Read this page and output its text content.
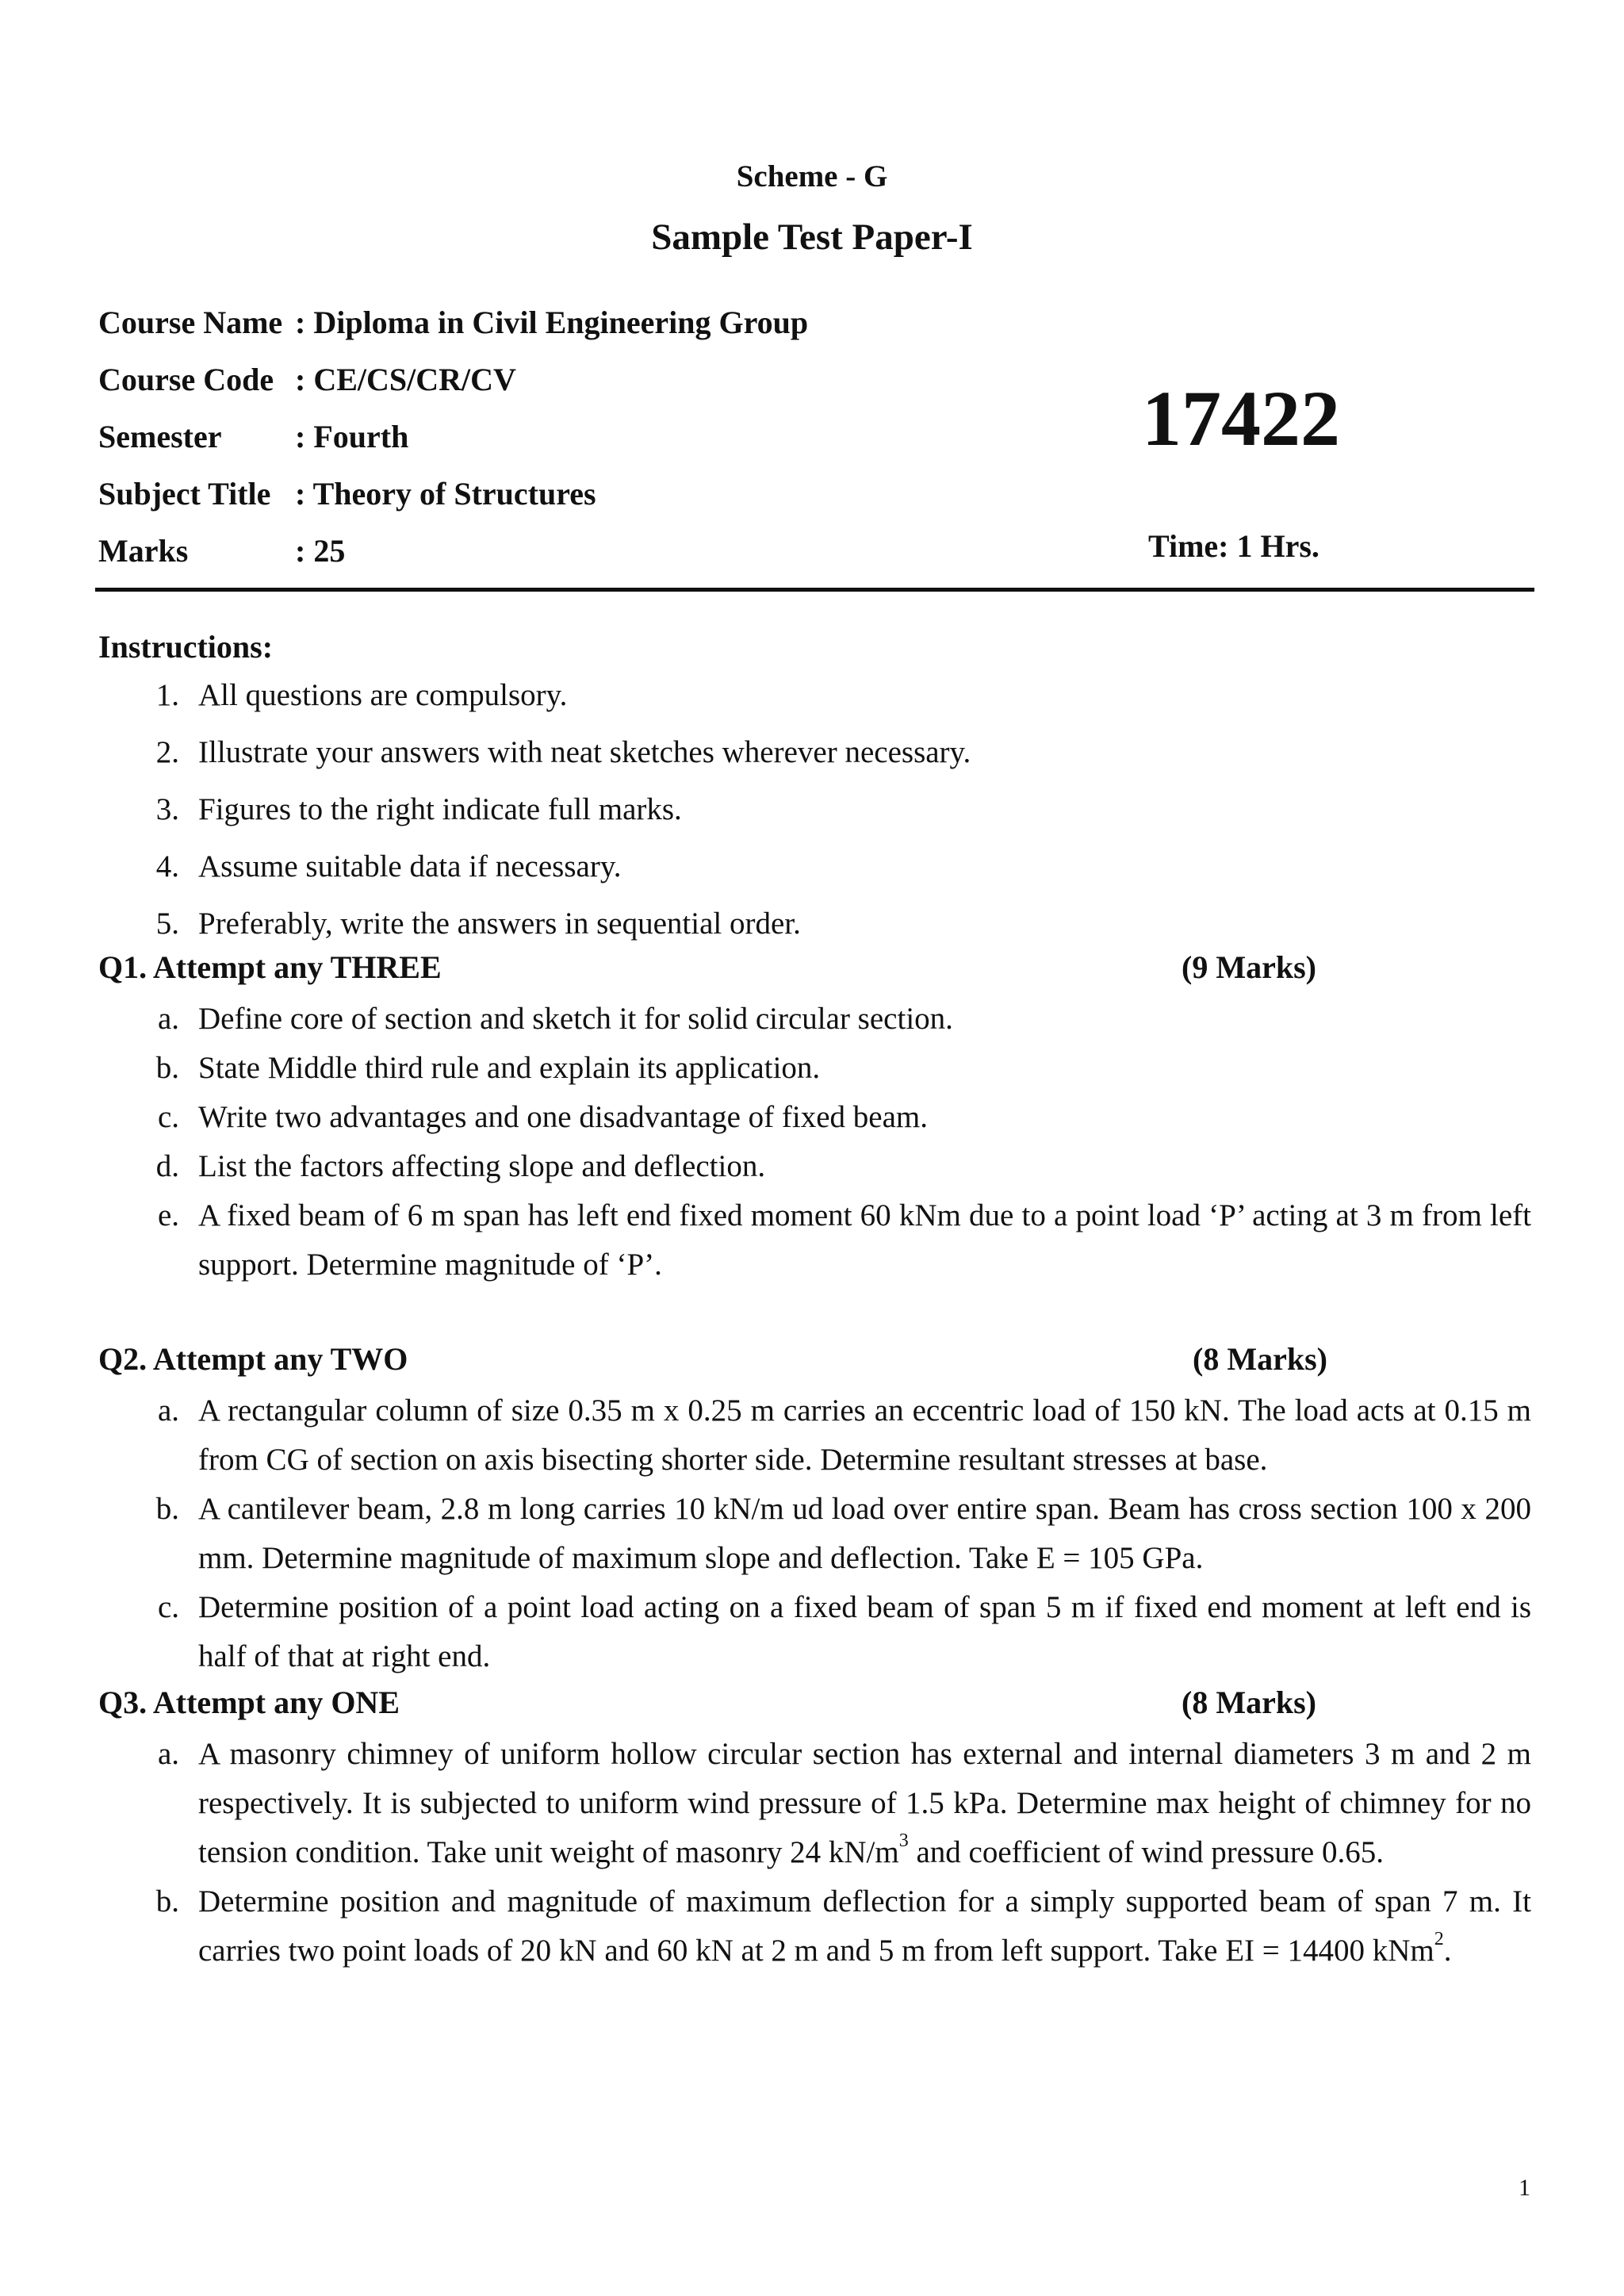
Scheme - G
Sample Test Paper-I
Course Name : Diploma in Civil Engineering Group
Course Code : CE/CS/CR/CV
Semester	: Fourth
Subject Title : Theory of Structures
Marks	: 25
17422
Time: 1 Hrs.
Instructions:
1. All questions are compulsory.
2. Illustrate your answers with neat sketches wherever necessary.
3. Figures to the right indicate full marks.
4. Assume suitable data if necessary.
5. Preferably, write the answers in sequential order.
Q1. Attempt any THREE	(9 Marks)
a. Define core of section and sketch it for solid circular section.
b. State Middle third rule and explain its application.
c. Write two advantages and one disadvantage of fixed beam.
d. List the factors affecting slope and deflection.
e. A fixed beam of 6 m span has left end fixed moment 60 kNm due to a point load ‘P’ acting at 3 m from left support. Determine magnitude of ‘P’.
Q2. Attempt any TWO	(8 Marks)
a. A rectangular column of size 0.35 m x 0.25 m carries an eccentric load of 150 kN. The load acts at 0.15 m from CG of section on axis bisecting shorter side. Determine resultant stresses at base.
b. A cantilever beam, 2.8 m long carries 10 kN/m ud load over entire span. Beam has cross section 100 x 200 mm. Determine magnitude of maximum slope and deflection. Take E = 105 GPa.
c. Determine position of a point load acting on a fixed beam of span 5 m if fixed end moment at left end is half of that at right end.
Q3. Attempt any ONE	(8 Marks)
a. A masonry chimney of uniform hollow circular section has external and internal diameters 3 m and 2 m respectively. It is subjected to uniform wind pressure of 1.5 kPa. Determine max height of chimney for no tension condition. Take unit weight of masonry 24 $kN/m^3$ and coefficient of wind pressure 0.65.
b. Determine position and magnitude of maximum deflection for a simply supported beam of span 7 m. It carries two point loads of 20 kN and 60 kN at 2 m and 5 m from left support. Take EI = 14400 kNm$^2$.
1
